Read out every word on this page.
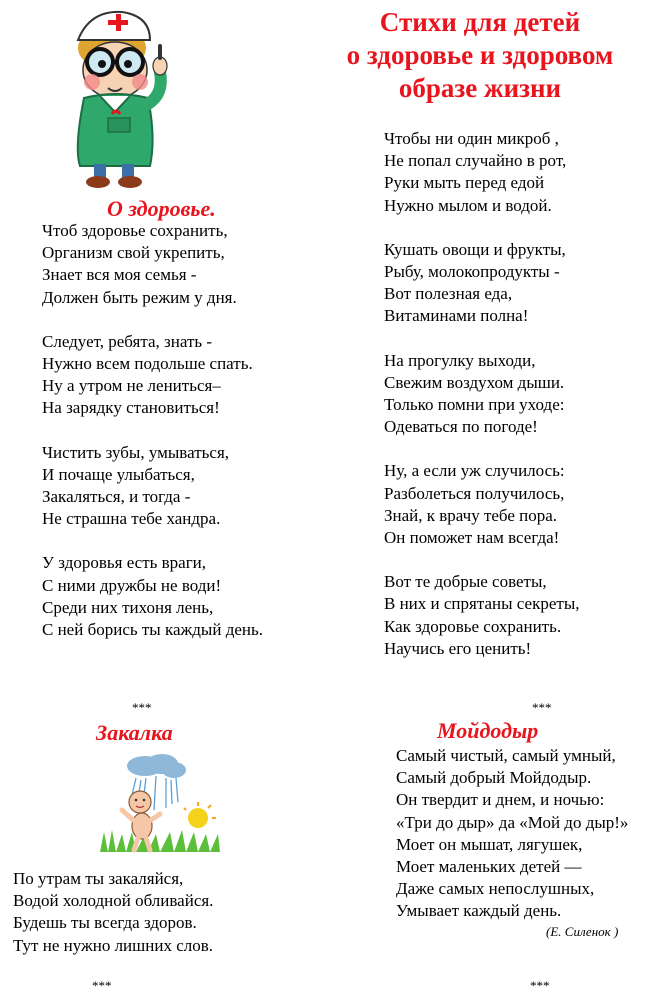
Стихи для детей
о здоровье и здоровом
образе жизни
О здоровье.
Чтоб здоровье сохранить,
Организм свой укрепить,
Знает вся моя семья -
Должен быть режим у дня.
Следует, ребята, знать -
Нужно всем подольше спать.
Ну а утром не лениться–
На зарядку становиться!
Чистить зубы, умываться,
И почаще улыбаться,
Закаляться, и тогда -
Не страшна тебе хандра.
У здоровья есть враги,
С ними дружбы не води!
Среди них тихоня лень,
С ней борись ты каждый день.
Чтобы ни один микроб ,
Не попал случайно в рот,
Руки мыть перед едой
Нужно мылом и водой.
Кушать овощи и фрукты,
Рыбу, молокопродукты -
Вот полезная еда,
Витаминами полна!
На прогулку выходи,
Свежим воздухом дыши.
Только помни при уходе:
Одеваться по погоде!
Ну, а если уж случилось:
Разболеться получилось,
Знай, к врачу тебе пора.
Он поможет нам всегда!
Вот те добрые советы,
В них и спрятаны секреты,
Как здоровье сохранить.
Научись его ценить!
***	***
***	***
Закалка
По утрам ты закаляйся,
Водой холодной обливайся.
Будешь ты всегда здоров.
Тут не нужно лишних слов.
Мойдодыр
Самый чистый, самый умный,
Самый добрый Мойдодыр.
Он твердит и днем, и ночью:
«Три до дыр» да «Мой до дыр!»
Моет он мышат, лягушек,
Моет маленьких детей —
Даже самых непослушных,
Умывает каждый день.
(Е. Силенок )
